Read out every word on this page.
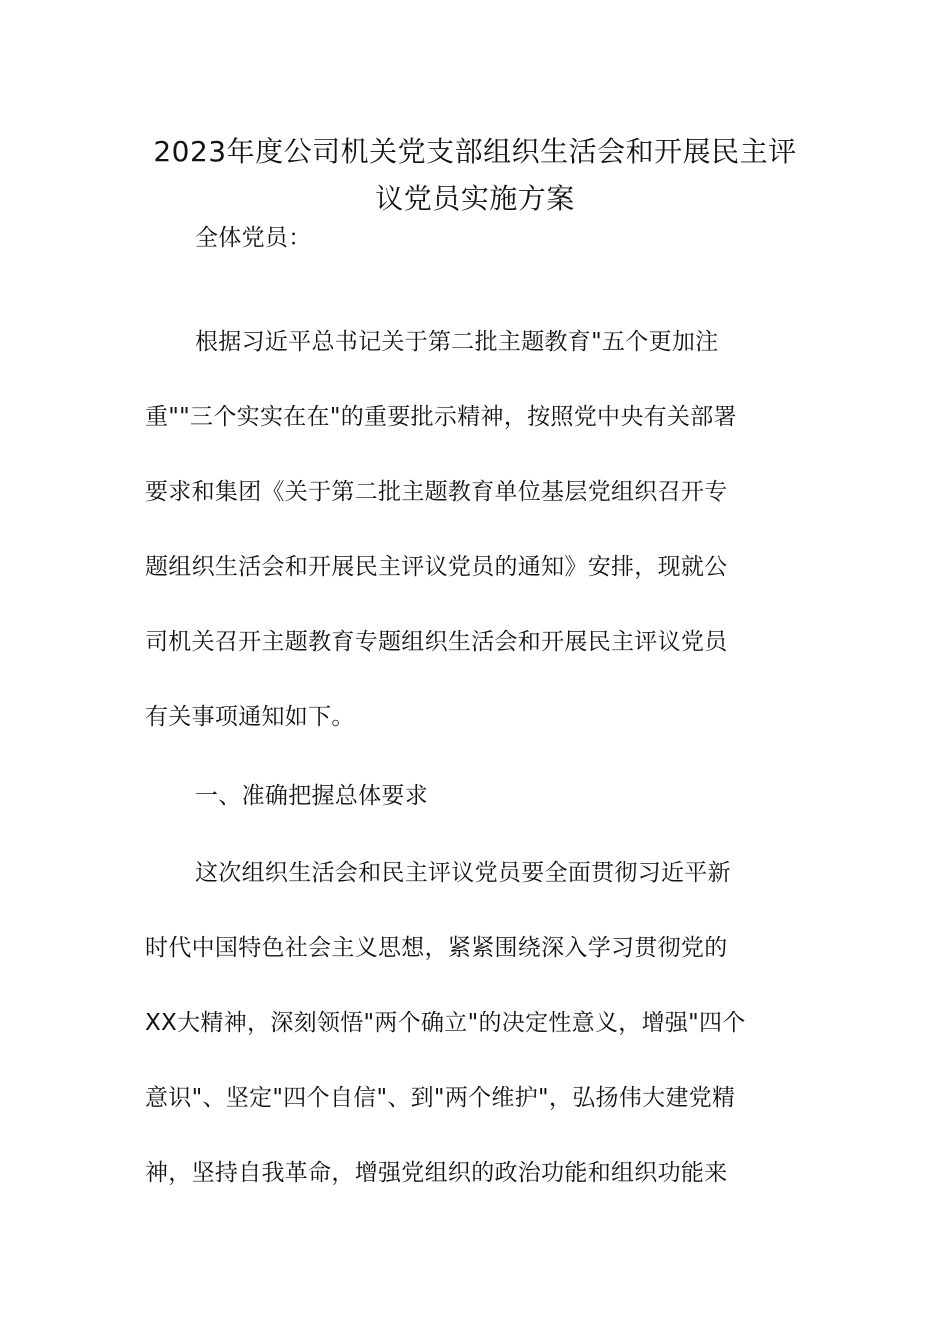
2023年度公司机关党支部组织生活会和开展民主评
议党员实施方案

全体党员：

根据习近平总书记关于第二批主题教育"五个更加注

重""三个实实在在"的重要批示精神，按照党中央有关部署

要求和集团《关于第二批主题教育单位基层党组织召开专

题组织生活会和开展民主评议党员的通知》安排，现就公

司机关召开主题教育专题组织生活会和开展民主评议党员

有关事项通知如下。

一、准确把握总体要求

这次组织生活会和民主评议党员要全面贯彻习近平新

时代中国特色社会主义思想，紧紧围绕深入学习贯彻党的

XX大精神，深刻领悟"两个确立"的决定性意义，增强"四个

意识"、坚定"四个自信"、到"两个维护"，弘扬伟大建党精

神，坚持自我革命，增强党组织的政治功能和组织功能来
